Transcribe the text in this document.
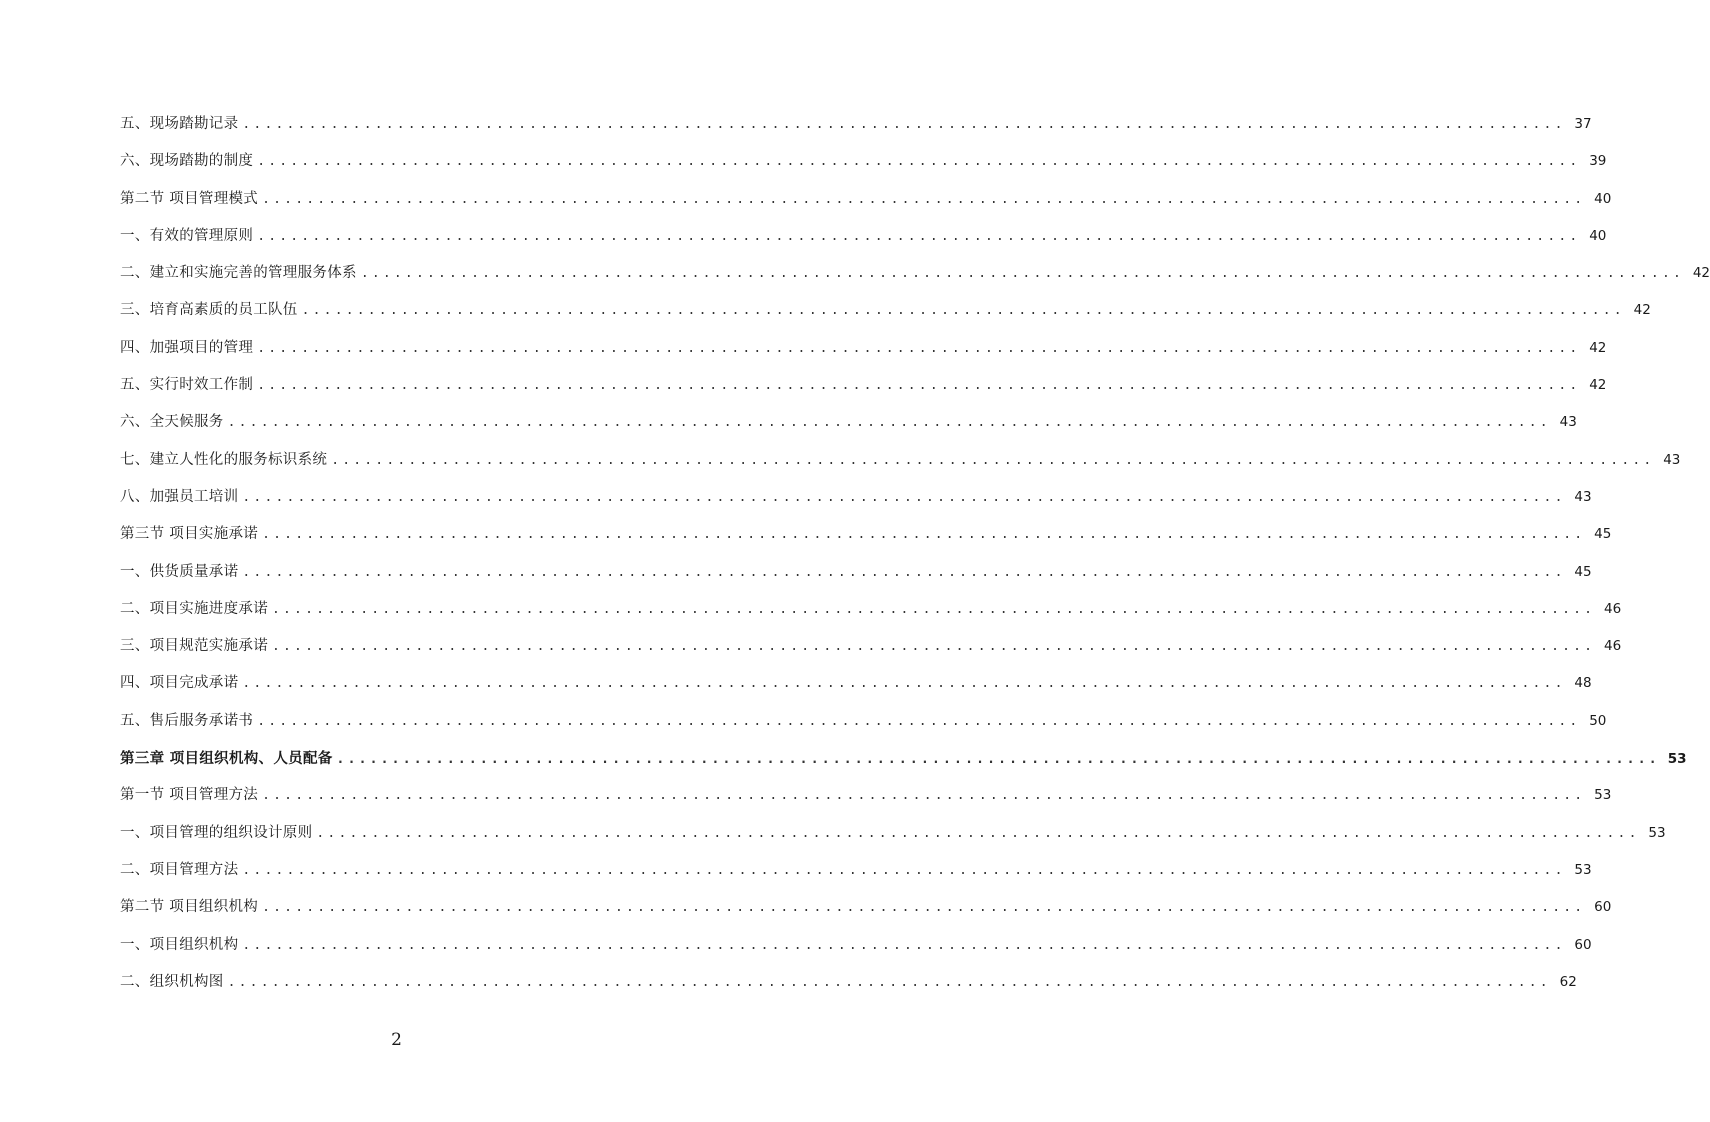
五、现场踏勘记录 ........................................................................................................................ 37
六、现场踏勘的制度 ........................................................................................................................ 39
第二节 项目管理模式 ........................................................................................................................ 40
一、有效的管理原则 ........................................................................................................................ 40
二、建立和实施完善的管理服务体系 ........................................................................................................................ 42
三、培育高素质的员工队伍 ........................................................................................................................ 42
四、加强项目的管理 ........................................................................................................................ 42
五、实行时效工作制 ........................................................................................................................ 42
六、全天候服务 ........................................................................................................................ 43
七、建立人性化的服务标识系统 ........................................................................................................................ 43
八、加强员工培训 ........................................................................................................................ 43
第三节 项目实施承诺 ........................................................................................................................ 45
一、供货质量承诺 ........................................................................................................................ 45
二、项目实施进度承诺 ........................................................................................................................ 46
三、项目规范实施承诺 ........................................................................................................................ 46
四、项目完成承诺 ........................................................................................................................ 48
五、售后服务承诺书 ........................................................................................................................ 50
第三章 项目组织机构、人员配备 ........................................................................................................................ 53
第一节 项目管理方法 ........................................................................................................................ 53
一、项目管理的组织设计原则 ........................................................................................................................ 53
二、项目管理方法 ........................................................................................................................ 53
第二节 项目组织机构 ........................................................................................................................ 60
一、项目组织机构 ........................................................................................................................ 60
二、组织机构图 ........................................................................................................................ 62
2
